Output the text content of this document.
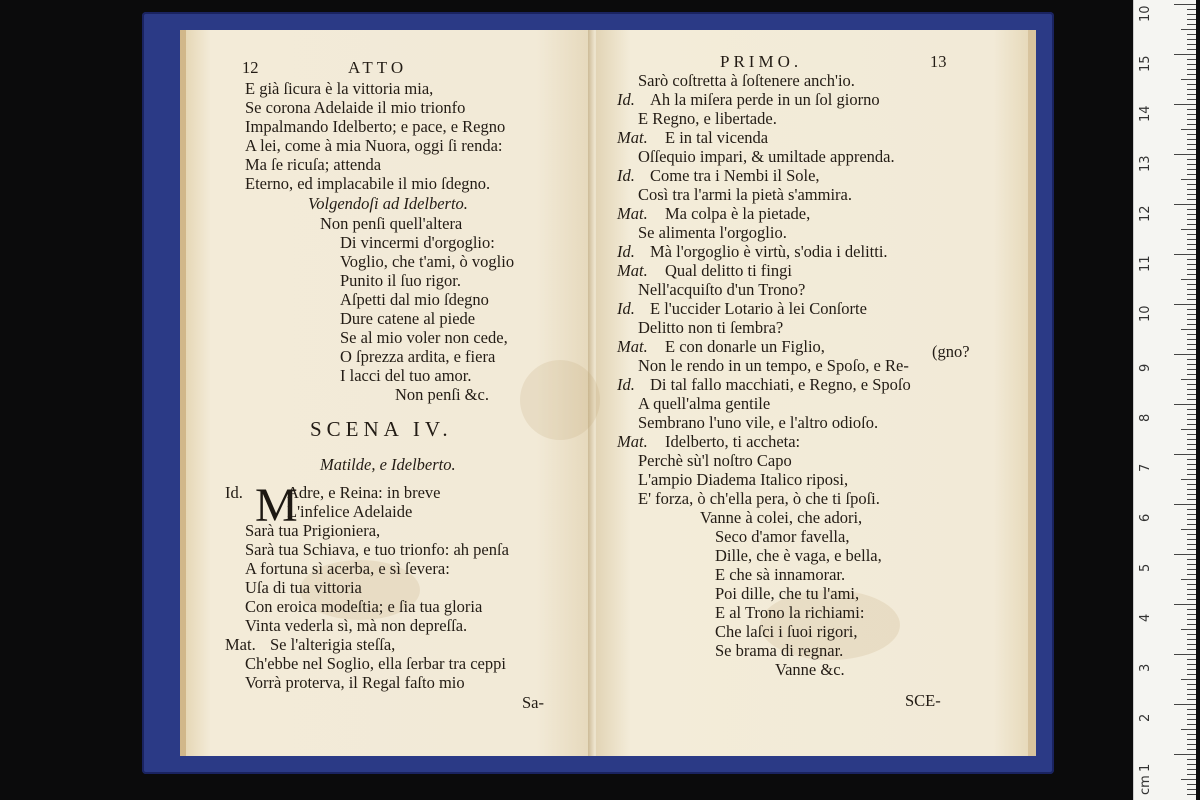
12	ATTO
E già ſicura è la vittoria mia,
Se corona Adelaide il mio trionfo
Impalmando Idelberto; e pace, e Regno
A lei, come à mia Nuora, oggi ſi renda:
Ma ſe ricuſa; attenda
Eterno, ed implacabile il mio ſdegno.
Volgendoſi ad Idelberto.
Non penſi quell'altera
Di vincermi d'orgoglio:
Voglio, che t'ami, ò voglio
Punito il ſuo rigor.
Aſpetti dal mio ſdegno
Dure catene al piede
Se al mio voler non cede,
O ſprezza ardita, e fiera
I lacci del tuo amor.
Non penſi &c.
SCENA IV.
Matilde, e Idelberto.
Id. M
Adre, e Reina: in breve
L'infelice Adelaide
Sarà tua Prigioniera,
Sarà tua Schiava, e tuo trionfo: ah penſa
A fortuna sì acerba, e sì ſevera:
Uſa di tua vittoria
Con eroica modeſtia; e ſia tua gloria
Vinta vederla sì, mà non depreſſa.
Mat. Se l'alterigia steſſa,
Ch'ebbe nel Soglio, ella ſerbar tra ceppi
Vorrà proterva, il Regal faſto mio
Sa-
PRIMO.	13
(gno?
SCE-
Sarò coſtretta à ſoſtenere anch'io.
Id. Ah la miſera perde in un ſol giorno
E Regno, e libertade.
Mat. E in tal vicenda
Oſſequio impari, & umiltade apprenda.
Id. Come tra i Nembi il Sole,
Così tra l'armi la pietà s'ammira.
Mat. Ma colpa è la pietade,
Se alimenta l'orgoglio.
Id. Mà l'orgoglio è virtù, s'odia i delitti.
Mat. Qual delitto ti fingi
Nell'acquiſto d'un Trono?
Id. E l'uccider Lotario à lei Conſorte
Delitto non ti ſembra?
Mat. E con donarle un Figlio,
Non le rendo in un tempo, e Spoſo, e Re-
Id. Di tal fallo macchiati, e Regno, e Spoſo
A quell'alma gentile
Sembrano l'uno vile, e l'altro odioſo.
Mat. Idelberto, ti accheta:
Perchè sù'l noſtro Capo
L'ampio Diadema Italico riposi,
E' forza, ò ch'ella pera, ò che ti ſpoſi.
Vanne à colei, che adori,
Seco d'amor favella,
Dille, che è vaga, e bella,
E che sà innamorar.
Poi dille, che tu l'ami,
E al Trono la richiami:
Che laſci i ſuoi rigori,
Se brama di regnar.
Vanne &c.
10
15
14
13
12
11
10
9
8
7
6
5
4
3
2
1
cm
